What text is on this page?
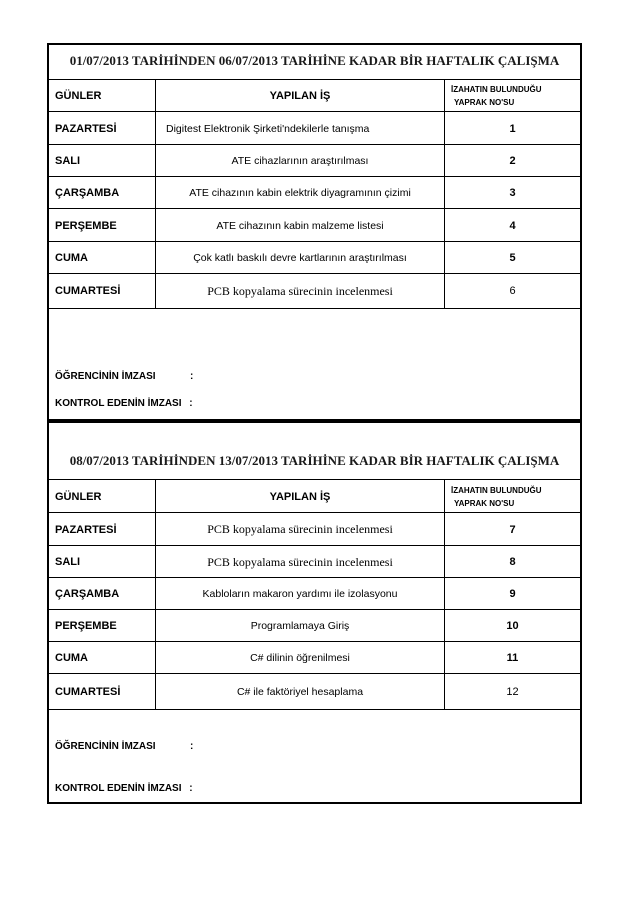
01/07/2013 TARİHİNDEN 06/07/2013 TARİHİNE KADAR BİR HAFTALIK ÇALIŞMA
GÜNLER	YAPILAN İŞ
İZAHATIN BULUNDUĞU
YAPRAK NO'SU
PAZARTESİ	Digitest Elektronik Şirketi'ndekilerle tanışma	1
SALI	ATE cihazlarının araştırılması	2
ÇARŞAMBA	ATE cihazının kabin elektrik diyagramının çizimi	3
PERŞEMBE	ATE cihazının kabin malzeme listesi	4
CUMA	Çok katlı baskılı devre kartlarının araştırılması	5
CUMARTESİ	PCB kopyalama sürecinin incelenmesi	6
ÖĞRENCİNİN İMZASI	:
KONTROL EDENİN İMZASI :
08/07/2013 TARİHİNDEN 13/07/2013 TARİHİNE KADAR BİR HAFTALIK ÇALIŞMA
GÜNLER	YAPILAN İŞ
İZAHATIN BULUNDUĞU
YAPRAK NO'SU
PAZARTESİ	PCB kopyalama sürecinin incelenmesi	7
SALI	PCB kopyalama sürecinin incelenmesi	8
ÇARŞAMBA	Kabloların makaron yardımı ile izolasyonu	9
PERŞEMBE	Programlamaya Giriş	10
CUMA	C# dilinin öğrenilmesi	11
CUMARTESİ	C# ile faktöriyel hesaplama	12
ÖĞRENCİNİN İMZASI	:
KONTROL EDENİN İMZASI :
